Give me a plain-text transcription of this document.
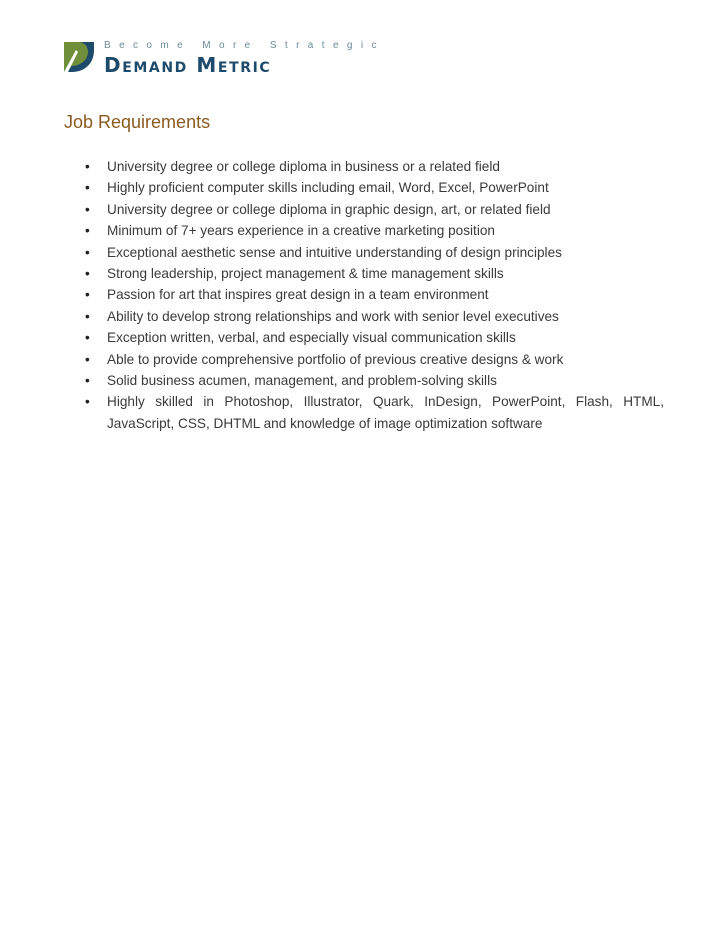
Become More Strategic
Demand Metric
Job Requirements
• University degree or college diploma in business or a related field
• Highly proficient computer skills including email, Word, Excel, PowerPoint
• University degree or college diploma in graphic design, art, or related field
• Minimum of 7+ years experience in a creative marketing position
• Exceptional aesthetic sense and intuitive understanding of design principles
• Strong leadership, project management & time management skills
• Passion for art that inspires great design in a team environment
• Ability to develop strong relationships and work with senior level executives
• Exception written, verbal, and especially visual communication skills
• Able to provide comprehensive portfolio of previous creative designs & work
• Solid business acumen, management, and problem-solving skills
• Highly skilled in Photoshop, Illustrator, Quark, InDesign, PowerPoint, Flash, HTML, JavaScript, CSS, DHTML and knowledge of image optimization software
